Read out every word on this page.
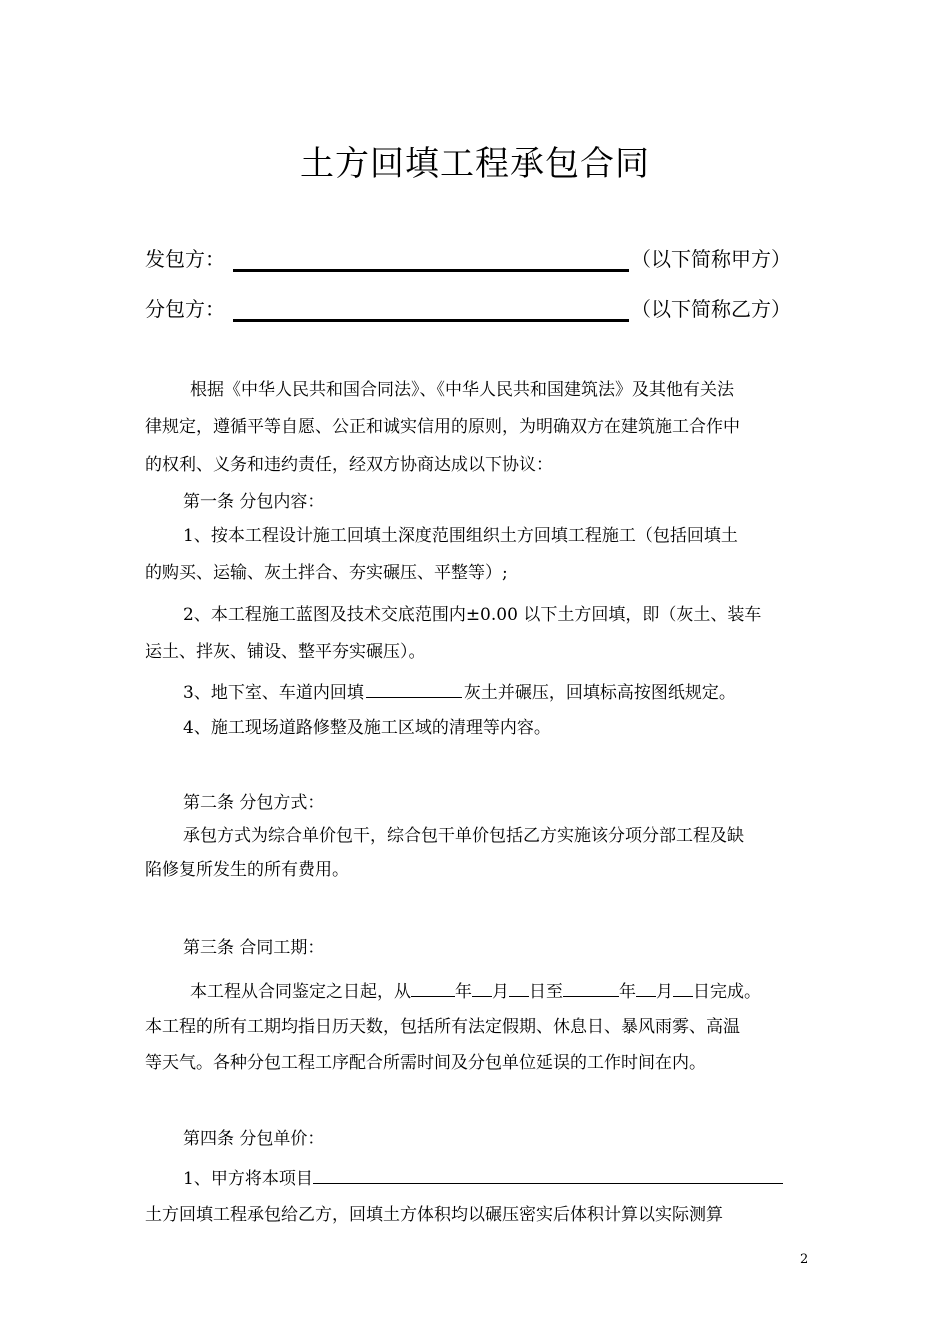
土方回填工程承包合同
发包方：	（以下简称甲方）
分包方：	（以下简称乙方）
根据《中华人民共和国合同法》、《中华人民共和国建筑法》及其他有关法
律规定，遵循平等自愿、公正和诚实信用的原则，为明确双方在建筑施工合作中
的权利、义务和违约责任，经双方协商达成以下协议：
第一条 分包内容：
1、按本工程设计施工回填土深度范围组织土方回填工程施工（包括回填土
的购买、运输、灰土拌合、夯实碾压、平整等）;
2、本工程施工蓝图及技术交底范围内±0.00 以下土方回填，即（灰土、装车
运土、拌灰、铺设、整平夯实碾压）。
3、地下室、车道内回填	灰土并碾压，回填标高按图纸规定。
4、施工现场道路修整及施工区域的清理等内容。
第二条 分包方式：
承包方式为综合单价包干，综合包干单价包括乙方实施该分项分部工程及缺
陷修复所发生的所有费用。
第三条 合同工期：
本工程从合同鉴定之日起，从	年 月 日至	年 月 日完成。
本工程的所有工期均指日历天数，包括所有法定假期、休息日、暴风雨雾、高温
等天气。各种分包工程工序配合所需时间及分包单位延误的工作时间在内。
第四条 分包单价：
1、甲方将本项目
土方回填工程承包给乙方，回填土方体积均以碾压密实后体积计算以实际测算
2
